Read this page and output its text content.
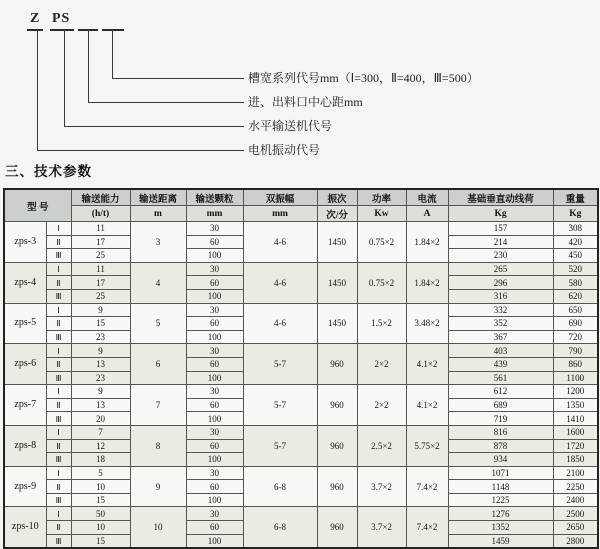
Z PS
槽宽系列代号mm（Ⅰ=300，Ⅱ=400，Ⅲ=500）
进、出料口中心距mm
水平输送机代号
电机振动代号
三、技术参数
型 号		输送能力	输送距离	输送颗粒	双振幅	振次	功率	电流	基础垂直动线荷	重量
		(h/t)	m	mm	mm	次/分	Kw	A	Kg	Kg
zps-3	Ⅰ	11	3	30	4-6	1450	0.75×2	1.84×2	157	308
	Ⅱ	17		60					214	420
	Ⅲ	25		100					230	450
zps-4	Ⅰ	11	4	30	4-6	1450	0.75×2	1.84×2	265	520
	Ⅱ	17		60					296	580
	Ⅲ	25		100					316	620
zps-5	Ⅰ	9	5	30	4-6	1450	1.5×2	3.48×2	332	650
	Ⅱ	15		60					352	690
	Ⅲ	23		100					367	720
zps-6	Ⅰ	9	6	30	5-7	960	2×2	4.1×2	403	790
	Ⅱ	13		60					439	860
	Ⅲ	23		100					561	1100
zps-7	Ⅰ	9	7	30	5-7	960	2×2	4.1×2	612	1200
	Ⅱ	13		60					689	1350
	Ⅲ	20		100					719	1410
zps-8	Ⅰ	7	8	30	5-7	960	2.5×2	5.75×2	816	1600
	Ⅱ	12		60					878	1720
	Ⅲ	18		100					934	1850
zps-9	Ⅰ	5	9	30	6-8	960	3.7×2	7.4×2	1071	2100
	Ⅱ	10		60					1148	2250
	Ⅲ	15		100					1225	2400
zps-10	Ⅰ	50	10	30	6-8	960	3.7×2	7.4×2	1276	2500
	Ⅱ	10		60					1352	2650
	Ⅲ	15		100					1459	2800
